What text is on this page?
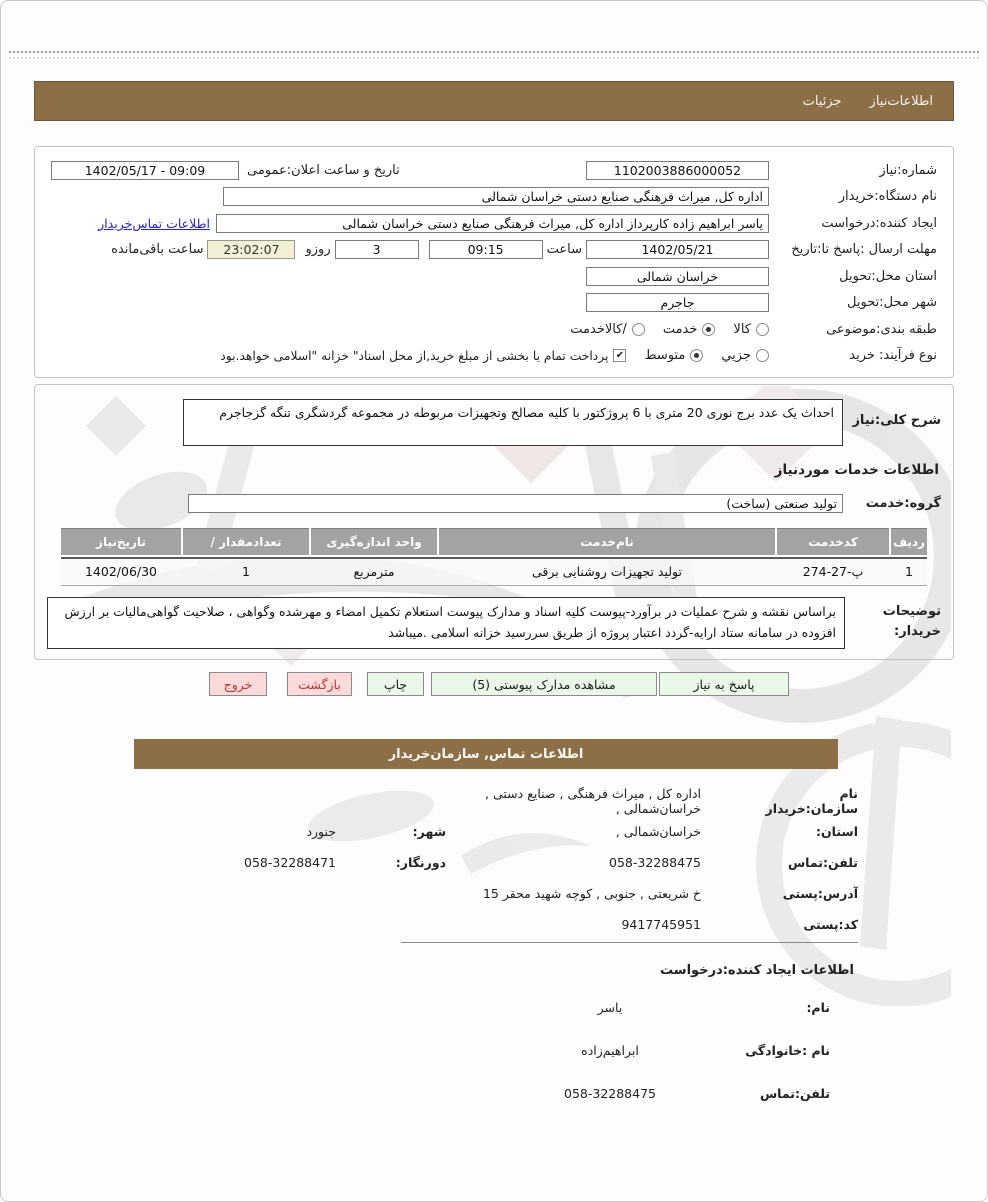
اطلاعات‌نیاز
جزئیات
شماره:نیاز
1102003886000052
تاریخ و ساعت اعلان:عمومی
09:09 - 1402/05/17
نام دستگاه:خریدار
اداره کل, میراث فرهنگی صنایع دستی خراسان شمالی
ایجاد کننده:درخواست
یاسر ابراهیم زاده کارپرداز اداره کل, میراث فرهنگی صنایع دستی خراسان شمالی
اطلاعات تماس‌خریدار
مهلت ارسال :پاسخ تا:تاریخ
1402/05/21
ساعت
09:15
3
روزو
23:02:07
ساعت باقی‌مانده
استان محل:تحویل
خراسان شمالی
شهر محل:تحویل
جاجرم
طبقه بندی:موضوعی
کالا
خدمت
/کالاخدمت
نوع فرآیند: خرید
جزیي
متوسط
✔
پرداخت تمام یا بخشی از مبلغ خرید,از محل اسناد" خزانه "اسلامی خواهد.بود
شرح کلی:نیاز
احداث یک عدد برج نوری 20 متری با 6 پروژکتور با کلیه مصالح وتجهیزات مربوطه در مجموعه گردشگری تنگه گزجاجرم
اطلاعات خدمات موردنیاز
گروه:خدمت
تولید صنعتی (ساخت)
ردیف
کدخدمت
نام‌خدمت
واحد اندازه‌گیری
تعدادمقدار /
تاریخ‌نیاز
1
پ-27-274
تولید تجهیزات روشنایی برقی
مترمربع
1
1402/06/30
توضیحات
خریدار:
براساس نقشه و شرح عملیات در برآورد-پیوست کلیه اسناد و مدارک پیوست استعلام تکمیل امضاء و مهرشده وگواهی ، صلاحیت گواهی‌مالیات بر ارزش افزوده در سامانه ستاد ارایه-گردد اعتبار پروژه از طریق سررسید خزانه اسلامی .میباشد
پاسخ به نیاز
مشاهده مدارک پیوستی (5)
چاپ
بازگشت
خروج
اطلاعات تماس, سازمان‌خریدار
نام سازمان:خریدار
اداره کل , میراث فرهنگی , صنایع دستی , خراسان‌شمالی ,
استان:
خراسان‌شمالی ,
شهر:
جنورد
تلفن:تماس
058-32288475
دورنگار:
058-32288471
آدرس:پستی
خ شریعتی , جنوبی , کوچه شهید محقر 15
کد:پستی
9417745951
اطلاعات ایجاد کننده:درخواست
نام:
یاسر
نام :خانوادگی
ابراهیم‌زاده
تلفن:تماس
058-32288475
